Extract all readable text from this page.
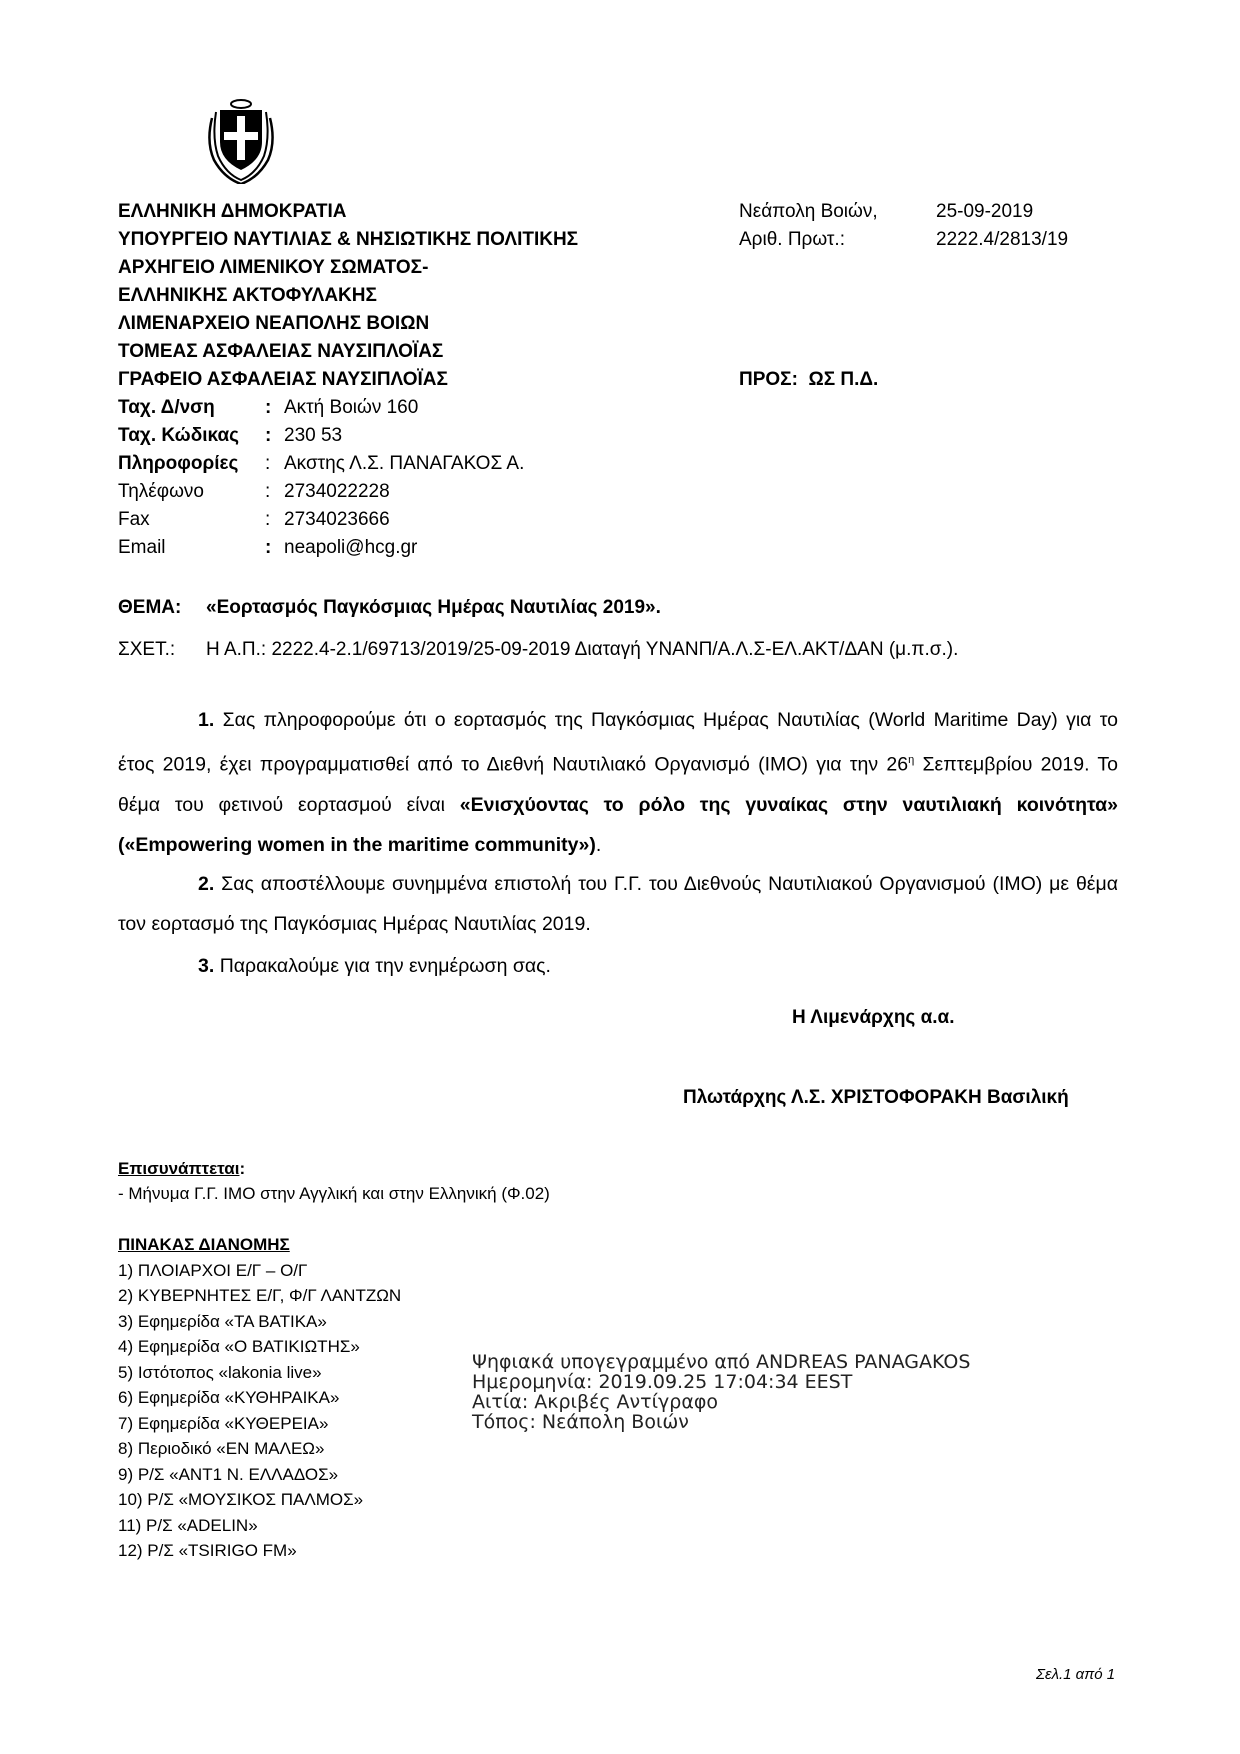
ΕΛΛΗΝΙΚΗ ΔΗΜΟΚΡΑΤΙΑ
ΥΠΟΥΡΓΕΙΟ ΝΑΥΤΙΛΙΑΣ & ΝΗΣΙΩΤΙΚΗΣ ΠΟΛΙΤΙΚΗΣ
ΑΡΧΗΓΕΙΟ ΛΙΜΕΝΙΚΟΥ ΣΩΜΑΤΟΣ-
ΕΛΛΗΝΙΚΗΣ ΑΚΤΟΦΥΛΑΚΗΣ
ΛΙΜΕΝΑΡΧΕΙΟ ΝΕΑΠΟΛΗΣ ΒΟΙΩΝ
ΤΟΜΕΑΣ ΑΣΦΑΛΕΙΑΣ ΝΑΥΣΙΠΛΟΪΑΣ
ΓΡΑΦΕΙΟ ΑΣΦΑΛΕΙΑΣ ΝΑΥΣΙΠΛΟΪΑΣ
Νεάπολη Βοιών,	25-09-2019
Αριθ. Πρωτ.:	2222.4/2813/19
ΠΡΟΣ: ΩΣ Π.Δ.
Ταχ. Δ/νση	: Ακτή Βοιών 160
Ταχ. Κώδικας : 230 53
Πληροφορίες : Ακστης Λ.Σ. ΠΑΝΑΓΑΚΟΣ Α.
Τηλέφωνο	: 2734022228
Fax	: 2734023666
Email	: neapoli@hcg.gr
ΘΕΜΑ: «Εορτασμός Παγκόσμιας Ημέρας Ναυτιλίας 2019».
ΣΧΕΤ.: Η Α.Π.: 2222.4-2.1/69713/2019/25-09-2019 Διαταγή ΥΝΑΝΠ/Α.Λ.Σ-ΕΛ.ΑΚΤ/ΔΑΝ (μ.π.σ.).
1. Σας πληροφορούμε ότι ο εορτασμός της Παγκόσμιας Ημέρας Ναυτιλίας (World Maritime Day) για το έτος 2019, έχει προγραμματισθεί από το Διεθνή Ναυτιλιακό Οργανισμό (IMO) για την $26^\eta$ Σεπτεμβρίου 2019. Το θέμα του φετινού εορτασμού είναι «Ενισχύοντας το ρόλο της γυναίκας στην ναυτιλιακή κοινότητα» («Empowering women in the maritime community»).
2. Σας αποστέλλουμε συνημμένα επιστολή του Γ.Γ. του Διεθνούς Ναυτιλιακού Οργανισμού (IMO) με θέμα τον εορτασμό της Παγκόσμιας Ημέρας Ναυτιλίας 2019.
3. Παρακαλούμε για την ενημέρωση σας.
Η Λιμενάρχης α.α.
Πλωτάρχης Λ.Σ. ΧΡΙΣΤΟΦΟΡΑΚΗ Βασιλική
Επισυνάπτεται:
- Μήνυμα Γ.Γ. ΙΜΟ στην Αγγλική και στην Ελληνική (Φ.02)
ΠΙΝΑΚΑΣ ΔΙΑΝΟΜΗΣ
1) ΠΛΟΙΑΡΧΟΙ Ε/Γ – Ο/Γ
2) ΚΥΒΕΡΝΗΤΕΣ Ε/Γ, Φ/Γ ΛΑΝΤΖΩΝ
3) Εφημερίδα «ΤΑ ΒΑΤΙΚΑ»
4) Εφημερίδα «Ο ΒΑΤΙΚΙΩΤΗΣ»
5) Ιστότοπος «lakonia live»
6) Εφημερίδα «ΚΥΘΗΡΑΙΚΑ»
7) Εφημερίδα «ΚΥΘΕΡΕΙΑ»
8) Περιοδικό «ΕΝ ΜΑΛΕΩ»
9) Ρ/Σ «ΑΝΤ1 Ν. ΕΛΛΑΔΟΣ»
10) Ρ/Σ «ΜΟΥΣΙΚΟΣ ΠΑΛΜΟΣ»
11) Ρ/Σ «ADELIN»
12) Ρ/Σ «TSIRIGO FM»
Ψηφιακά υπογεγραμμένο από ANDREAS PANAGAKOS
Ημερομηνία: 2019.09.25 17:04:34 EEST
Αιτία: Ακριβές Αντίγραφο
Τόπος: Νεάπολη Βοιών
Σελ.1 από 1
